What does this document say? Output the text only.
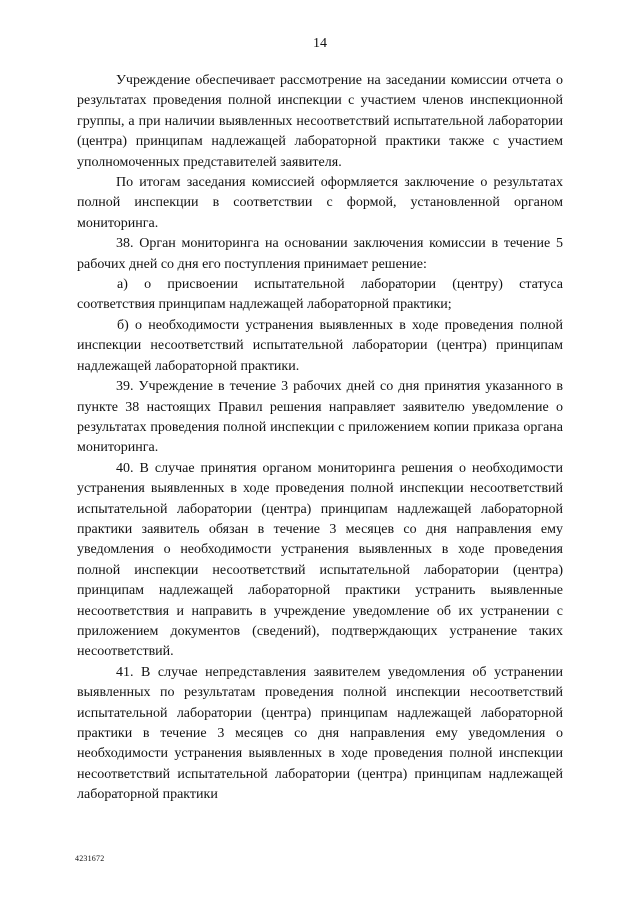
14

Учреждение обеспечивает рассмотрение на заседании комиссии отчета о результатах проведения полной инспекции с участием членов инспекционной группы, а при наличии выявленных несоответствий испытательной лаборатории (центра) принципам надлежащей лабораторной практики также с участием уполномоченных представителей заявителя.

По итогам заседания комиссией оформляется заключение о результатах полной инспекции в соответствии с формой, установленной органом мониторинга.

38. Орган мониторинга на основании заключения комиссии в течение 5 рабочих дней со дня его поступления принимает решение:

а) о присвоении испытательной лаборатории (центру) статуса соответствия принципам надлежащей лабораторной практики;

б) о необходимости устранения выявленных в ходе проведения полной инспекции несоответствий испытательной лаборатории (центра) принципам надлежащей лабораторной практики.

39. Учреждение в течение 3 рабочих дней со дня принятия указанного в пункте 38 настоящих Правил решения направляет заявителю уведомление о результатах проведения полной инспекции с приложением копии приказа органа мониторинга.

40. В случае принятия органом мониторинга решения о необходимости устранения выявленных в ходе проведения полной инспекции несоответствий испытательной лаборатории (центра) принципам надлежащей лабораторной практики заявитель обязан в течение 3 месяцев со дня направления ему уведомления о необходимости устранения выявленных в ходе проведения полной инспекции несоответствий испытательной лаборатории (центра) принципам надлежащей лабораторной практики устранить выявленные несоответствия и направить в учреждение уведомление об их устранении с приложением документов (сведений), подтверждающих устранение таких несоответствий.

41. В случае непредставления заявителем уведомления об устранении выявленных по результатам проведения полной инспекции несоответствий испытательной лаборатории (центра) принципам надлежащей лабораторной практики в течение 3 месяцев со дня направления ему уведомления о необходимости устранения выявленных в ходе проведения полной инспекции несоответствий испытательной лаборатории (центра) принципам надлежащей лабораторной практики

4231672
